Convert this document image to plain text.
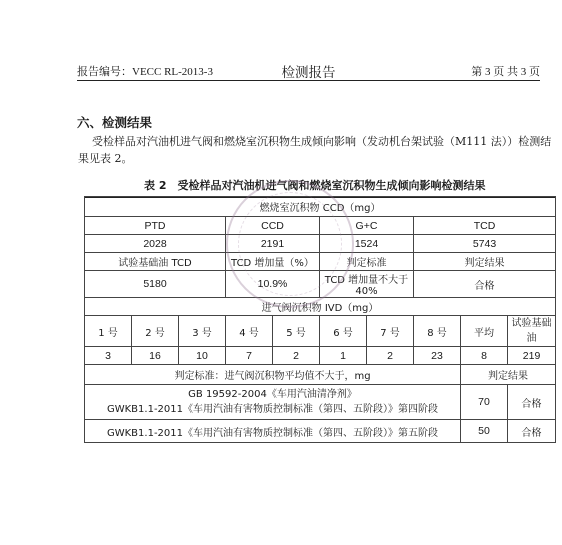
报告编号：VECC RL-2013-3	检测报告	第 3 页 共 3 页
六、检测结果
受检样品对汽油机进气阀和燃烧室沉积物生成倾向影响（发动机台架试验（M111 法））检测结
果见表 2。
表 2　受检样品对汽油机进气阀和燃烧室沉积物生成倾向影响检测结果
燃烧室沉积物 CCD（mg）									
PTD			CCD		G+C		TCD		
2028			2191		1524		5743		
试验基础油 TCD			TCD 增加量（%）		判定标准		判定结果		
5180			10.9%		TCD 增加量不大于 40%		合格		
进气阀沉积物 IVD（mg）									
1 号	2 号	3 号	4 号	5 号	6 号	7 号	8 号	平均	试验基础油
3	16	10	7	2	1	2	23	8	219
判定标准：进气阀沉积物平均值不大于，mg								判定结果	

GB 19592-2004《车用汽油清净剂》
GWKB1.1-2011《车用汽油有害物质控制标准（第四、五阶段）》第四阶段								70	合格
GWKB1.1-2011《车用汽油有害物质控制标准（第四、五阶段）》第五阶段								50	合格
